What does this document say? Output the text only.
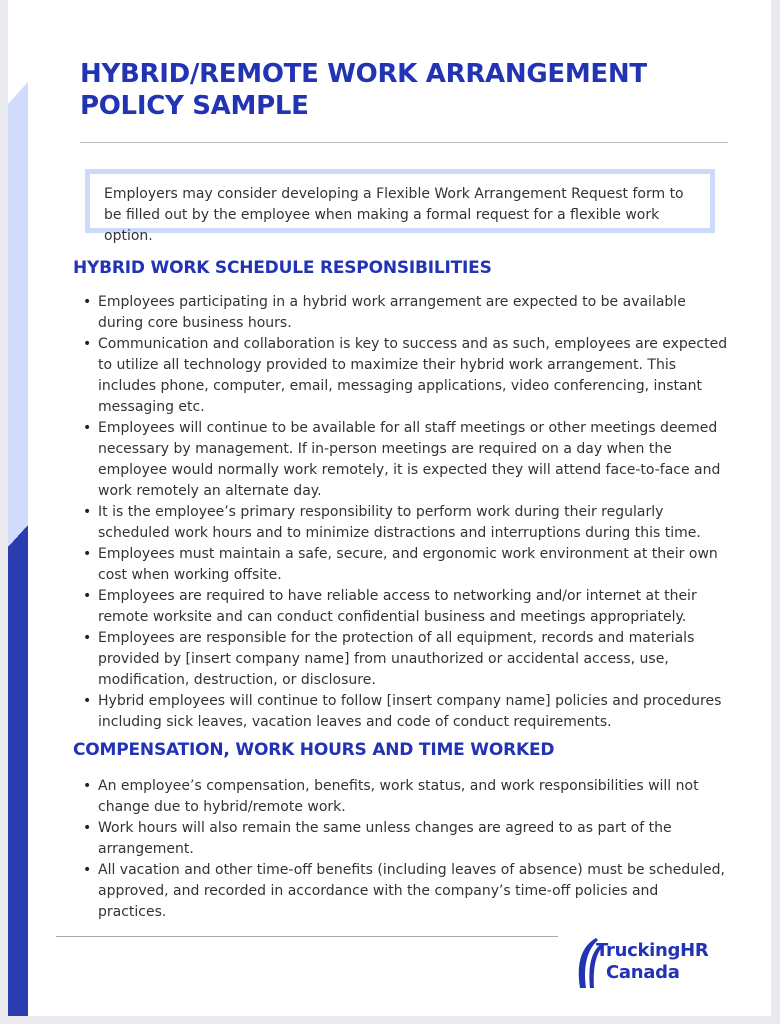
HYBRID/REMOTE WORK ARRANGEMENT POLICY SAMPLE
Employers may consider developing a Flexible Work Arrangement Request form to be filled out by the employee when making a formal request for a flexible work option.
HYBRID WORK SCHEDULE RESPONSIBILITIES
• Employees participating in a hybrid work arrangement are expected to be available during core business hours.
• Communication and collaboration is key to success and as such, employees are expected to utilize all technology provided to maximize their hybrid work arrangement. This includes phone, computer, email, messaging applications, video conferencing, instant messaging etc.
• Employees will continue to be available for all staff meetings or other meetings deemed necessary by management. If in-person meetings are required on a day when the employee would normally work remotely, it is expected they will attend face-to-face and work remotely an alternate day.
• It is the employee’s primary responsibility to perform work during their regularly scheduled work hours and to minimize distractions and interruptions during this time.
• Employees must maintain a safe, secure, and ergonomic work environment at their own cost when working offsite.
• Employees are required to have reliable access to networking and/or internet at their remote worksite and can conduct confidential business and meetings appropriately.
• Employees are responsible for the protection of all equipment, records and materials provided by [insert company name] from unauthorized or accidental access, use, modification, destruction, or disclosure.
• Hybrid employees will continue to follow [insert company name] policies and procedures including sick leaves, vacation leaves and code of conduct requirements.
COMPENSATION, WORK HOURS AND TIME WORKED
• An employee’s compensation, benefits, work status, and work responsibilities will not change due to hybrid/remote work.
• Work hours will also remain the same unless changes are agreed to as part of the arrangement.
• All vacation and other time-off benefits (including leaves of absence) must be scheduled, approved, and recorded in accordance with the company’s time-off policies and practices.
TruckingHR
Canada
